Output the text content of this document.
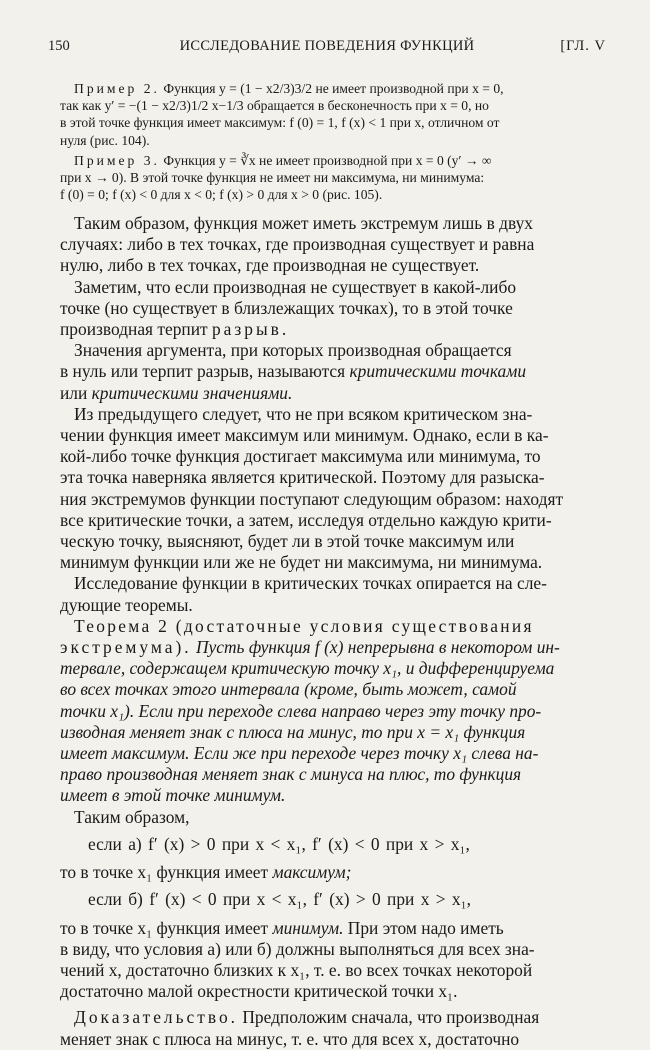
150	ИССЛЕДОВАНИЕ ПОВЕДЕНИЯ ФУНКЦИЙ	[ГЛ. V

Пример 2. Функция y = (1 − x2/3)3/2 не имеет производной при x = 0,

так как y′ = −(1 − x2/3)1/2 x−1/3 обращается в бесконечность при x = 0, но

в этой точке функция имеет максимум: f (0) = 1, f (x) < 1 при x, отличном от

нуля (рис. 104).

Пример 3. Функция y = ∛x не имеет производной при x = 0 (y′ → ∞

при x → 0). В этой точке функция не имеет ни максимума, ни минимума:

f (0) = 0; f (x) < 0 для x < 0; f (x) > 0 для x > 0 (рис. 105).

Таким образом, функция может иметь экстремум лишь в двух

случаях: либо в тех точках, где производная существует и равна

нулю, либо в тех точках, где производная не существует.

Заметим, что если производная не существует в какой-либо

точке (но существует в близлежащих точках), то в этой точке

производная терпит разрыв.

Значения аргумента, при которых производная обращается

в нуль или терпит разрыв, называются критическими точками

или критическими значениями.

Из предыдущего следует, что не при всяком критическом зна-

чении функция имеет максимум или минимум. Однако, если в ка-

кой-либо точке функция достигает максимума или минимума, то

эта точка наверняка является критической. Поэтому для разыска-

ния экстремумов функции поступают следующим образом: находят

все критические точки, а затем, исследуя отдельно каждую крити-

ческую точку, выясняют, будет ли в этой точке максимум или

минимум функции или же не будет ни максимума, ни минимума.

Исследование функции в критических точках опирается на сле-

дующие теоремы.

Теорема 2 (достаточные условия существования

экстремума). Пусть функция f (x) непрерывна в некотором ин-

тервале, содержащем критическую точку x₁, и дифференцируема

во всех точках этого интервала (кроме, быть может, самой

точки x₁). Если при переходе слева направо через эту точку про-

изводная меняет знак с плюса на минус, то при x = x₁ функция

имеет максимум. Если же при переходе через точку x₁ слева на-

право производная меняет знак с минуса на плюс, то функция

имеет в этой точке минимум.

Таким образом,

если а) f′ (x) > 0 при x < x₁, f′ (x) < 0 при x > x₁,

то в точке x₁ функция имеет максимум;

если б) f′ (x) < 0 при x < x₁, f′ (x) > 0 при x > x₁,

то в точке x₁ функция имеет минимум. При этом надо иметь

в виду, что условия а) или б) должны выполняться для всех зна-

чений x, достаточно близких к x₁, т. е. во всех точках некоторой

достаточно малой окрестности критической точки x₁.

Доказательство. Предположим сначала, что производная

меняет знак с плюса на минус, т. е. что для всех x, достаточно
